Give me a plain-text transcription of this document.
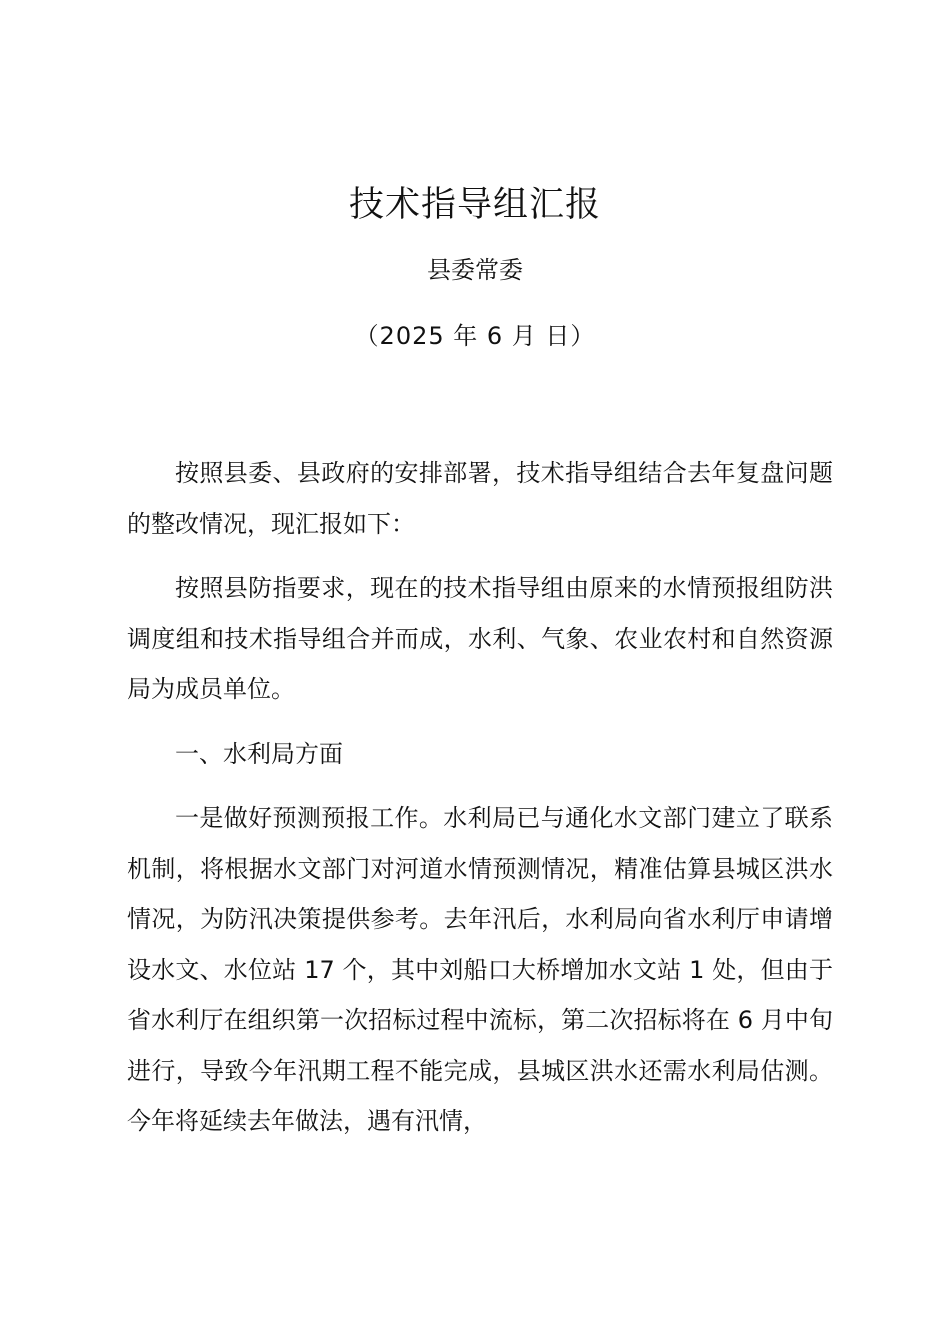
技术指导组汇报
县委常委
（2025 年 6 月 日）

按照县委、县政府的安排部署，技术指导组结合去年复盘问题的整改情况，现汇报如下：

按照县防指要求，现在的技术指导组由原来的水情预报组防洪调度组和技术指导组合并而成，水利、气象、农业农村和自然资源局为成员单位。

一、水利局方面

一是做好预测预报工作。水利局已与通化水文部门建立了联系机制，将根据水文部门对河道水情预测情况，精准估算县城区洪水情况，为防汛决策提供参考。去年汛后，水利局向省水利厅申请增设水文、水位站 17 个，其中刘船口大桥增加水文站 1 处，但由于省水利厅在组织第一次招标过程中流标，第二次招标将在 6 月中旬进行，导致今年汛期工程不能完成，县城区洪水还需水利局估测。今年将延续去年做法，遇有汛情，
